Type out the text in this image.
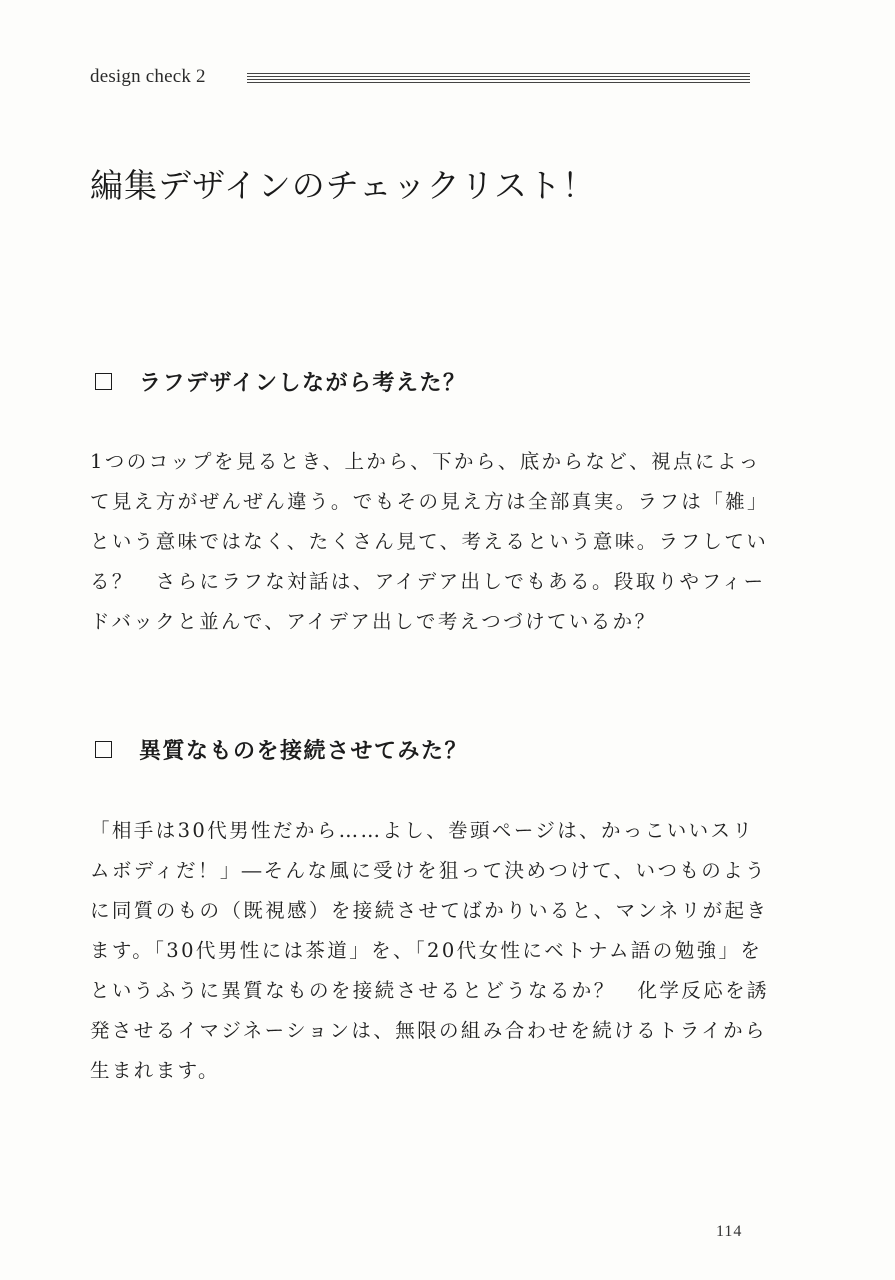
design check 2
編集デザインのチェックリスト！
ラフデザインしながら考えた？
1つのコップを見るとき、上から、下から、底からなど、視点によっ
て見え方がぜんぜん違う。でもその見え方は全部真実。ラフは「雑」
という意味ではなく、たくさん見て、考えるという意味。ラフしてい
る？　さらにラフな対話は、アイデア出しでもある。段取りやフィー
ドバックと並んで、アイデア出しで考えつづけているか？
異質なものを接続させてみた？
「相手は30代男性だから……よし、巻頭ページは、かっこいいスリ
ムボディだ！」―そんな風に受けを狙って決めつけて、いつものよう
に同質のもの（既視感）を接続させてばかりいると、マンネリが起き
ます。「30代男性には茶道」を、「20代女性にベトナム語の勉強」を
というふうに異質なものを接続させるとどうなるか？　化学反応を誘
発させるイマジネーションは、無限の組み合わせを続けるトライから
生まれます。
114
